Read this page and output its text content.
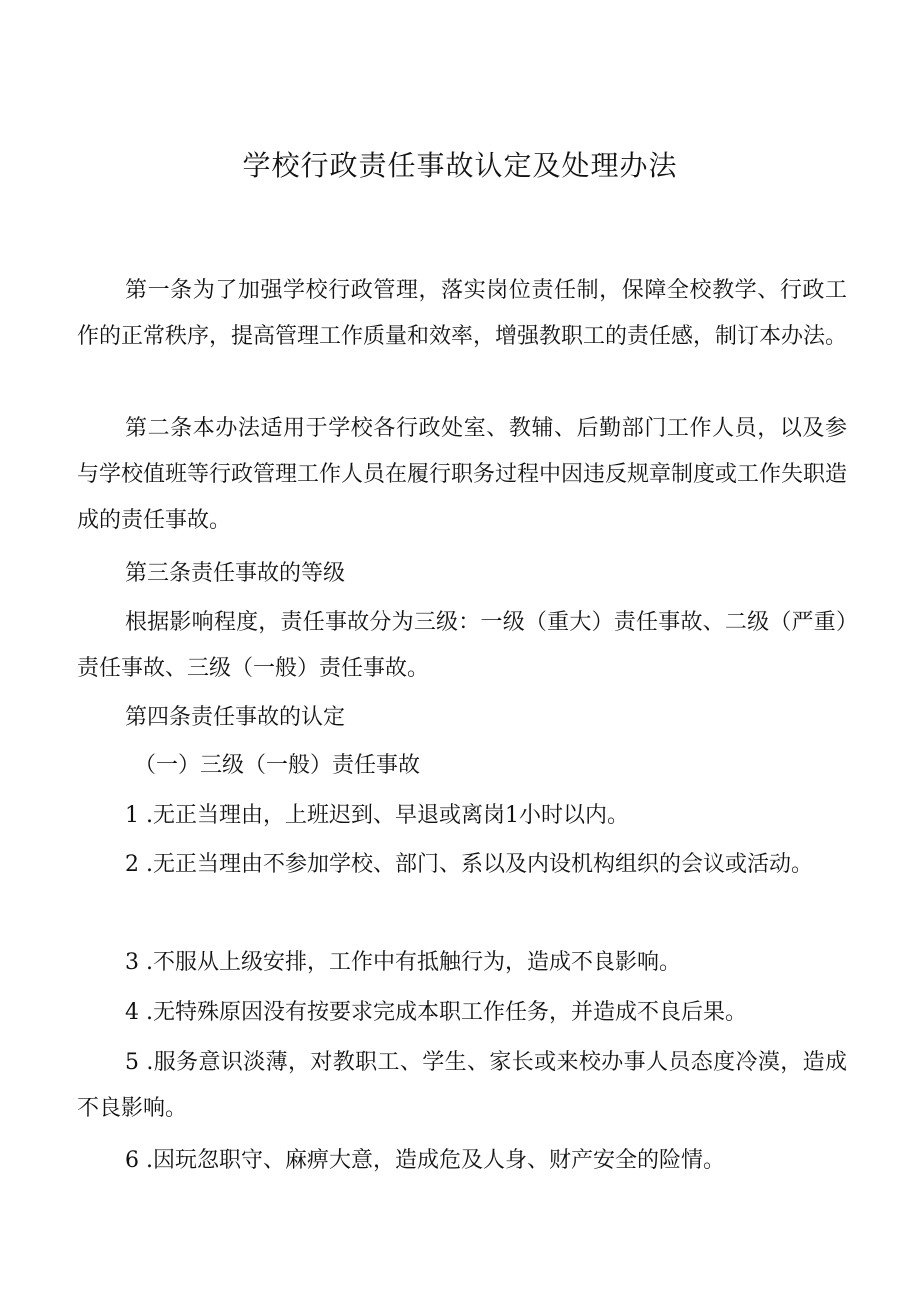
学校行政责任事故认定及处理办法

第一条为了加强学校行政管理，落实岗位责任制，保障全校教学、行政工作的正常秩序，提高管理工作质量和效率，增强教职工的责任感，制订本办法。

第二条本办法适用于学校各行政处室、教辅、后勤部门工作人员，以及参与学校值班等行政管理工作人员在履行职务过程中因违反规章制度或工作失职造成的责任事故。

第三条责任事故的等级

根据影响程度，责任事故分为三级：一级（重大）责任事故、二级（严重）责任事故、三级（一般）责任事故。

第四条责任事故的认定

（一）三级（一般）责任事故

1 .无正当理由，上班迟到、早退或离岗1小时以内。

2 .无正当理由不参加学校、部门、系以及内设机构组织的会议或活动。

3 .不服从上级安排，工作中有抵触行为，造成不良影响。

4 .无特殊原因没有按要求完成本职工作任务，并造成不良后果。

5 .服务意识淡薄，对教职工、学生、家长或来校办事人员态度冷漠，造成不良影响。

6 .因玩忽职守、麻痹大意，造成危及人身、财产安全的险情。
